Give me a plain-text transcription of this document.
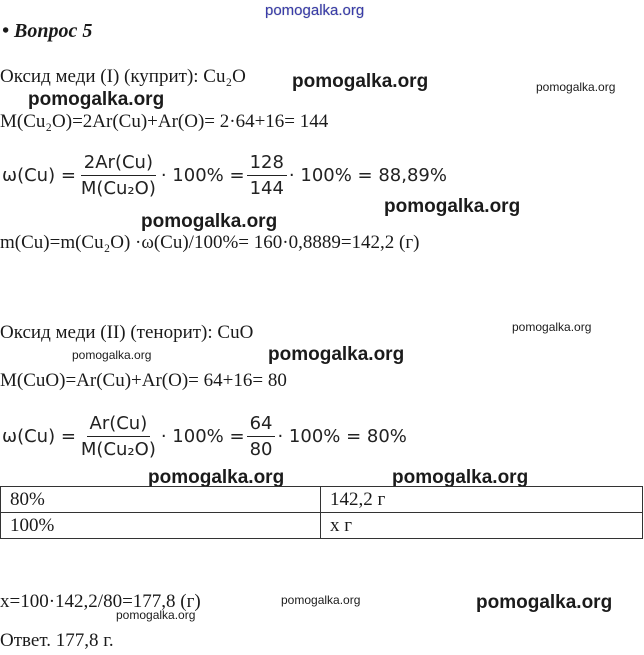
pomogalka.org
• Вопрос 5
Оксид меди (I) (куприт): Cu₂O pomogalka.org	pomogalka.org
pomogalka.org
M(Cu₂O)=2Ar(Cu)+Ar(O)= 2·64+16= 144
$\omega(Cu) = \frac{2Ar(Cu)}{\text{M(Cu₂O)}} \cdot 100\% = \frac{128}{144} \cdot 100\% = 88,89\%$
pomogalka.org
pomogalka.org
m(Cu)=m(Cu₂O) ·ω(Cu)/100%= 160·0,8889=142,2 (г)
Оксид меди (II) (тенорит): CuO	pomogalka.org
pomogalka.org	pomogalka.org
M(CuO)=Ar(Cu)+Ar(O)= 64+16= 80
$\omega(Cu) = \frac{Ar(Cu)}{\text{M(Cu₂O)}} \cdot 100\% = \frac{64}{80} \cdot 100\% = 80\%$
pomogalka.org	pomogalka.org
80%	142,2 г
100%	x г
x=100·142,2/80=177,8 (г)	pomogalka.org	pomogalka.org
pomogalka.org
Ответ. 177,8 г.
